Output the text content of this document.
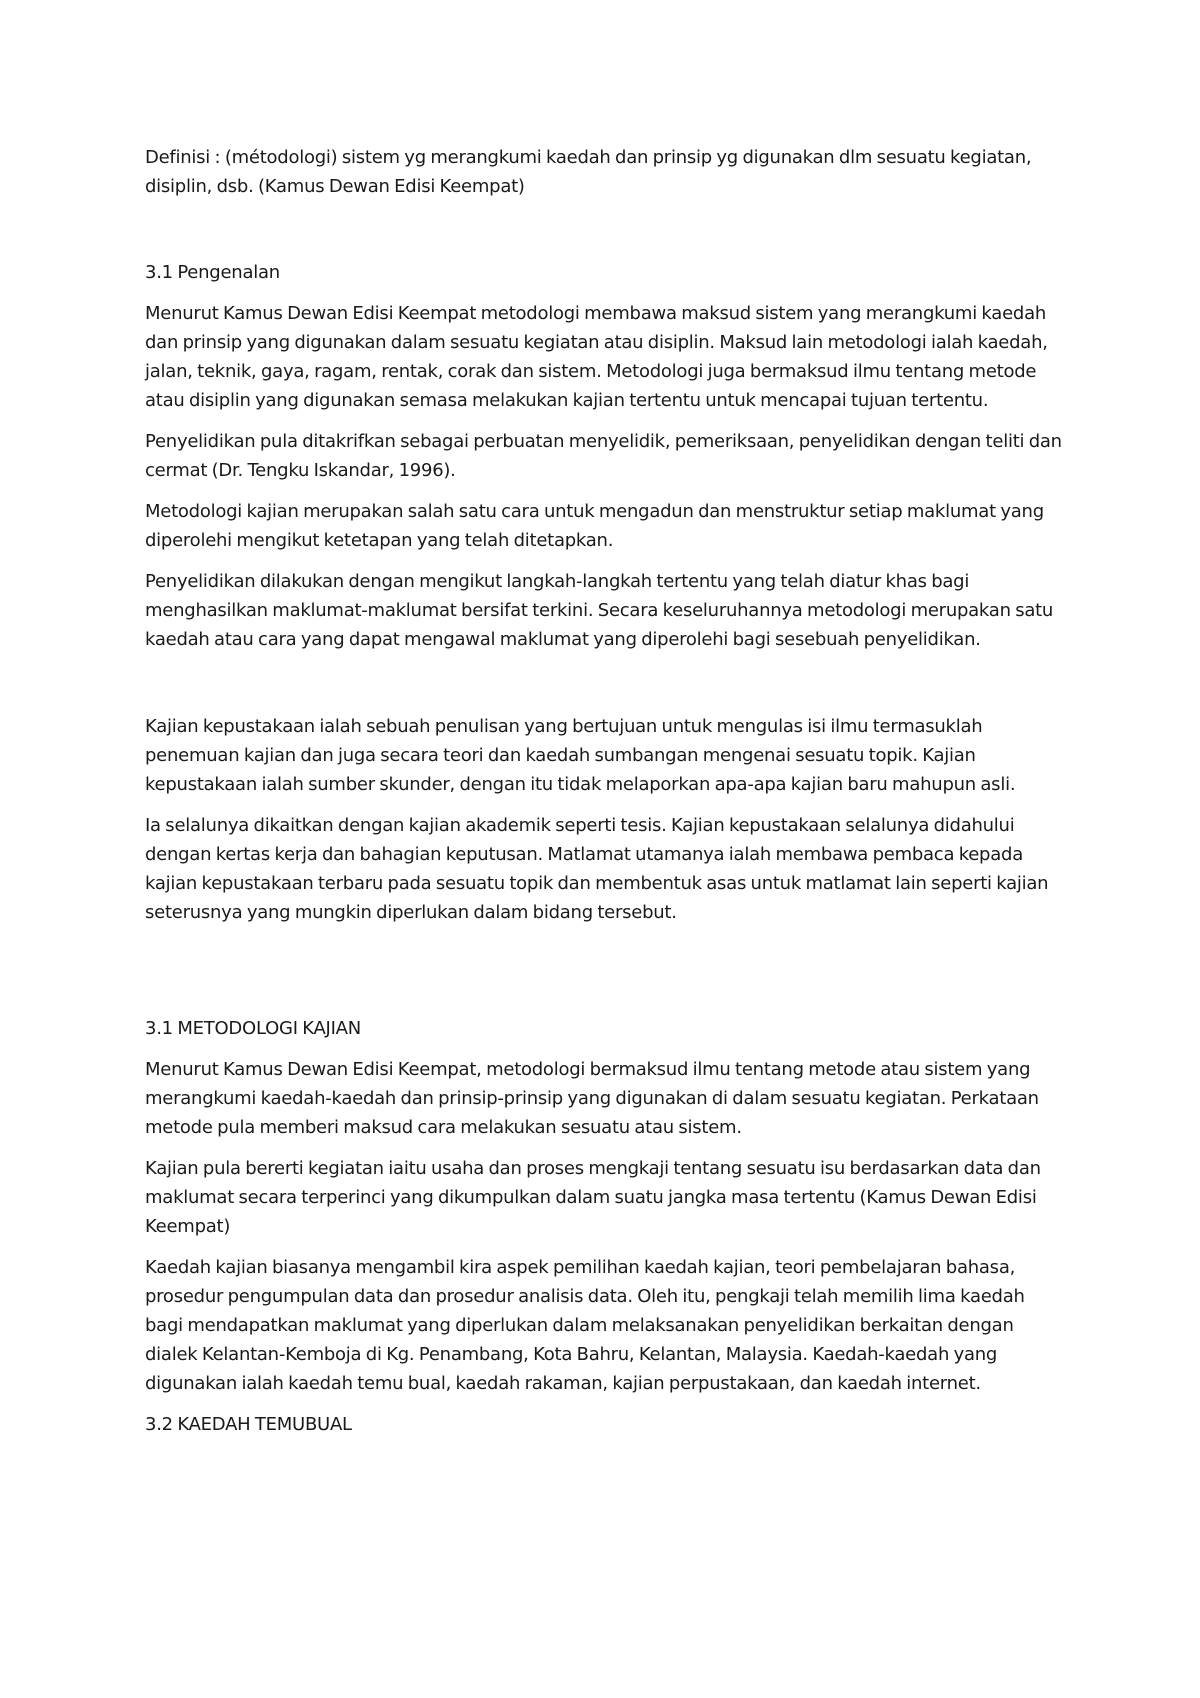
Definisi : (métodologi) sistem yg merangkumi kaedah dan prinsip yg digunakan dlm sesuatu kegiatan, disiplin, dsb. (Kamus Dewan Edisi Keempat)

3.1 Pengenalan

Menurut Kamus Dewan Edisi Keempat metodologi membawa maksud sistem yang merangkumi kaedah dan prinsip yang digunakan dalam sesuatu kegiatan atau disiplin. Maksud lain metodologi ialah kaedah, jalan, teknik, gaya, ragam, rentak, corak dan sistem. Metodologi juga bermaksud ilmu tentang metode atau disiplin yang digunakan semasa melakukan kajian tertentu untuk mencapai tujuan tertentu.

Penyelidikan pula ditakrifkan sebagai perbuatan menyelidik, pemeriksaan, penyelidikan dengan teliti dan cermat (Dr. Tengku Iskandar, 1996).

Metodologi kajian merupakan salah satu cara untuk mengadun dan menstruktur setiap maklumat yang diperolehi mengikut ketetapan yang telah ditetapkan.

Penyelidikan dilakukan dengan mengikut langkah-langkah tertentu yang telah diatur khas bagi menghasilkan maklumat-maklumat bersifat terkini. Secara keseluruhannya metodologi merupakan satu kaedah atau cara yang dapat mengawal maklumat yang diperolehi bagi sesebuah penyelidikan.

Kajian kepustakaan ialah sebuah penulisan yang bertujuan untuk mengulas isi ilmu termasuklah penemuan kajian dan juga secara teori dan kaedah sumbangan mengenai sesuatu topik. Kajian kepustakaan ialah sumber skunder, dengan itu tidak melaporkan apa-apa kajian baru mahupun asli.

Ia selalunya dikaitkan dengan kajian akademik seperti tesis. Kajian kepustakaan selalunya didahului dengan kertas kerja dan bahagian keputusan. Matlamat utamanya ialah membawa pembaca kepada kajian kepustakaan terbaru pada sesuatu topik dan membentuk asas untuk matlamat lain seperti kajian seterusnya yang mungkin diperlukan dalam bidang tersebut.

3.1 METODOLOGI KAJIAN

Menurut Kamus Dewan Edisi Keempat, metodologi bermaksud ilmu tentang metode atau sistem yang merangkumi kaedah-kaedah dan prinsip-prinsip yang digunakan di dalam sesuatu kegiatan. Perkataan metode pula memberi maksud cara melakukan sesuatu atau sistem.

Kajian pula bererti kegiatan iaitu usaha dan proses mengkaji tentang sesuatu isu berdasarkan data dan maklumat secara terperinci yang dikumpulkan dalam suatu jangka masa tertentu (Kamus Dewan Edisi Keempat)

Kaedah kajian biasanya mengambil kira aspek pemilihan kaedah kajian, teori pembelajaran bahasa, prosedur pengumpulan data dan prosedur analisis data. Oleh itu, pengkaji telah memilih lima kaedah bagi mendapatkan maklumat yang diperlukan dalam melaksanakan penyelidikan berkaitan dengan dialek Kelantan-Kemboja di Kg. Penambang, Kota Bahru, Kelantan, Malaysia. Kaedah-kaedah yang digunakan ialah kaedah temu bual, kaedah rakaman, kajian perpustakaan, dan kaedah internet.

3.2 KAEDAH TEMUBUAL
